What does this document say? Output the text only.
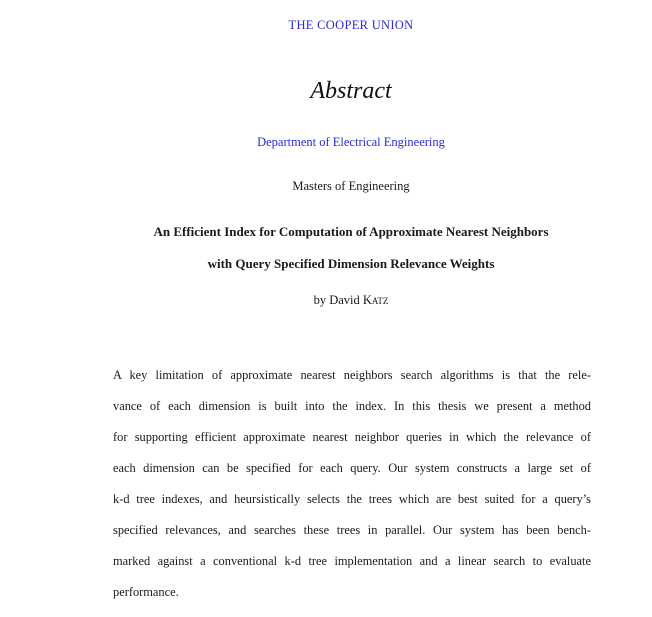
THE COOPER UNION
Abstract
Department of Electrical Engineering
Masters of Engineering
An Efficient Index for Computation of Approximate Nearest Neighbors
with Query Specified Dimension Relevance Weights
by David Katz
A key limitation of approximate nearest neighbors search algorithms is that the rele-
vance of each dimension is built into the index. In this thesis we present a method
for supporting efficient approximate nearest neighbor queries in which the relevance of
each dimension can be specified for each query. Our system constructs a large set of
k-d tree indexes, and heursistically selects the trees which are best suited for a query’s
specified relevances, and searches these trees in parallel. Our system has been bench-
marked against a conventional k-d tree implementation and a linear search to evaluate
performance.
